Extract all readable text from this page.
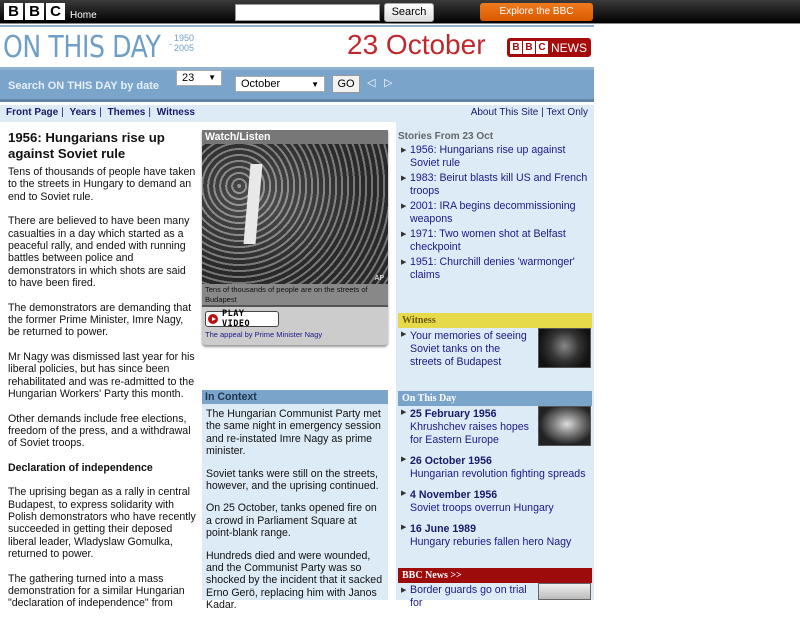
B B C Home	Search	Explore the BBC
ON THIS DAY -
1950
2005	23 October	B B C NEWS
Search ON THIS DAY by date
23 ▼
October	▼	GO	◁ ▷
Front Page | Years | Themes | Witness	About This Site | Text Only
1956: Hungarians rise up against Soviet rule

Tens of thousands of people have taken to the streets in Hungary to demand an end to Soviet rule.

There are believed to have been many casualties in a day which started as a peaceful rally, and ended with running battles between police and demonstrators in which shots are said to have been fired.

The demonstrators are demanding that the former Prime Minister, Imre Nagy, be returned to power.

Mr Nagy was dismissed last year for his liberal policies, but has since been rehabilitated and was re-admitted to the Hungarian Workers' Party this month.

Other demands include free elections, freedom of the press, and a withdrawal of Soviet troops.

Declaration of independence

The uprising began as a rally in central Budapest, to express solidarity with Polish demonstrators who have recently succeeded in getting their deposed liberal leader, Wladyslaw Gomulka, returned to power.

The gathering turned into a mass demonstration for a similar Hungarian "declaration of independence" from

Watch/Listen
AP
Tens of thousands of people are on the streets of Budapest
PLAY VIDEO
The appeal by Prime Minister Nagy
In Context

The Hungarian Communist Party met the same night in emergency session and re-instated Imre Nagy as prime minister.

Soviet tanks were still on the streets, however, and the uprising continued.

On 25 October, tanks opened fire on a crowd in Parliament Square at point-blank range.

Hundreds died and were wounded, and the Communist Party was so shocked by the incident that it sacked Erno Gerö, replacing him with Janos Kadar.

Stories From 23 Oct
▶ 1956: Hungarians rise up against Soviet rule
▶ 1983: Beirut blasts kill US and French troops
▶ 2001: IRA begins decommissioning weapons
▶ 1971: Two women shot at Belfast checkpoint
▶ 1951: Churchill denies 'warmonger' claims
Witness
▶ Your memories of seeing Soviet tanks on the streets of Budapest
On This Day
▶ 25 February 1956
Khrushchev raises hopes for Eastern Europe
▶ 26 October 1956
Hungarian revolution fighting spreads
▶ 4 November 1956
Soviet troops overrun Hungary
▶ 16 June 1989
Hungary reburies fallen hero Nagy
BBC News >>
▶ Border guards go on trial for
